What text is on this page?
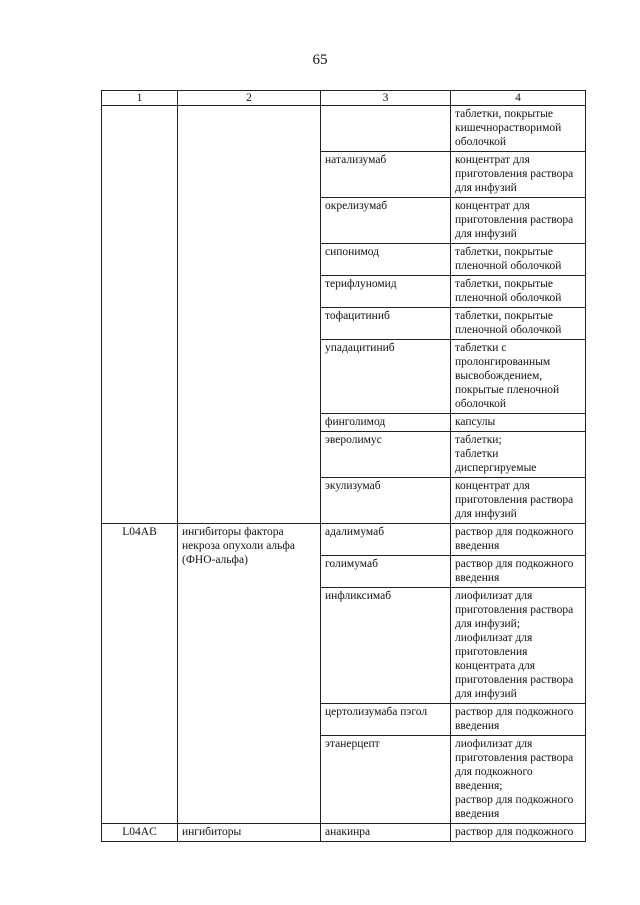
65
1	2	3	4
			таблетки, покрытые кишечнорастворимой оболочкой
		натализумаб	концентрат для приготовления раствора для инфузий
		окрелизумаб	концентрат для приготовления раствора для инфузий
		сипонимод	таблетки, покрытые пленочной оболочкой
		терифлуномид	таблетки, покрытые пленочной оболочкой
		тофацитиниб	таблетки, покрытые пленочной оболочкой
		упадацитиниб	таблетки с пролонгированным высвобождением, покрытые пленочной оболочкой
		финголимод	капсулы
		эверолимус	таблетки;
таблетки диспергируемые
		экулизумаб	концентрат для приготовления раствора для инфузий
L04AB	ингибиторы фактора некроза опухоли альфа (ФНО-альфа)	адалимумаб	раствор для подкожного введения
		голимумаб	раствор для подкожного введения
		инфликсимаб	лиофилизат для приготовления раствора для инфузий;
лиофилизат для приготовления концентрата для приготовления раствора для инфузий
		цертолизумаба пэгол	раствор для подкожного введения
		этанерцепт	лиофилизат для приготовления раствора для подкожного введения;
раствор для подкожного введения
L04AC	ингибиторы	анакинра	раствор для подкожного
